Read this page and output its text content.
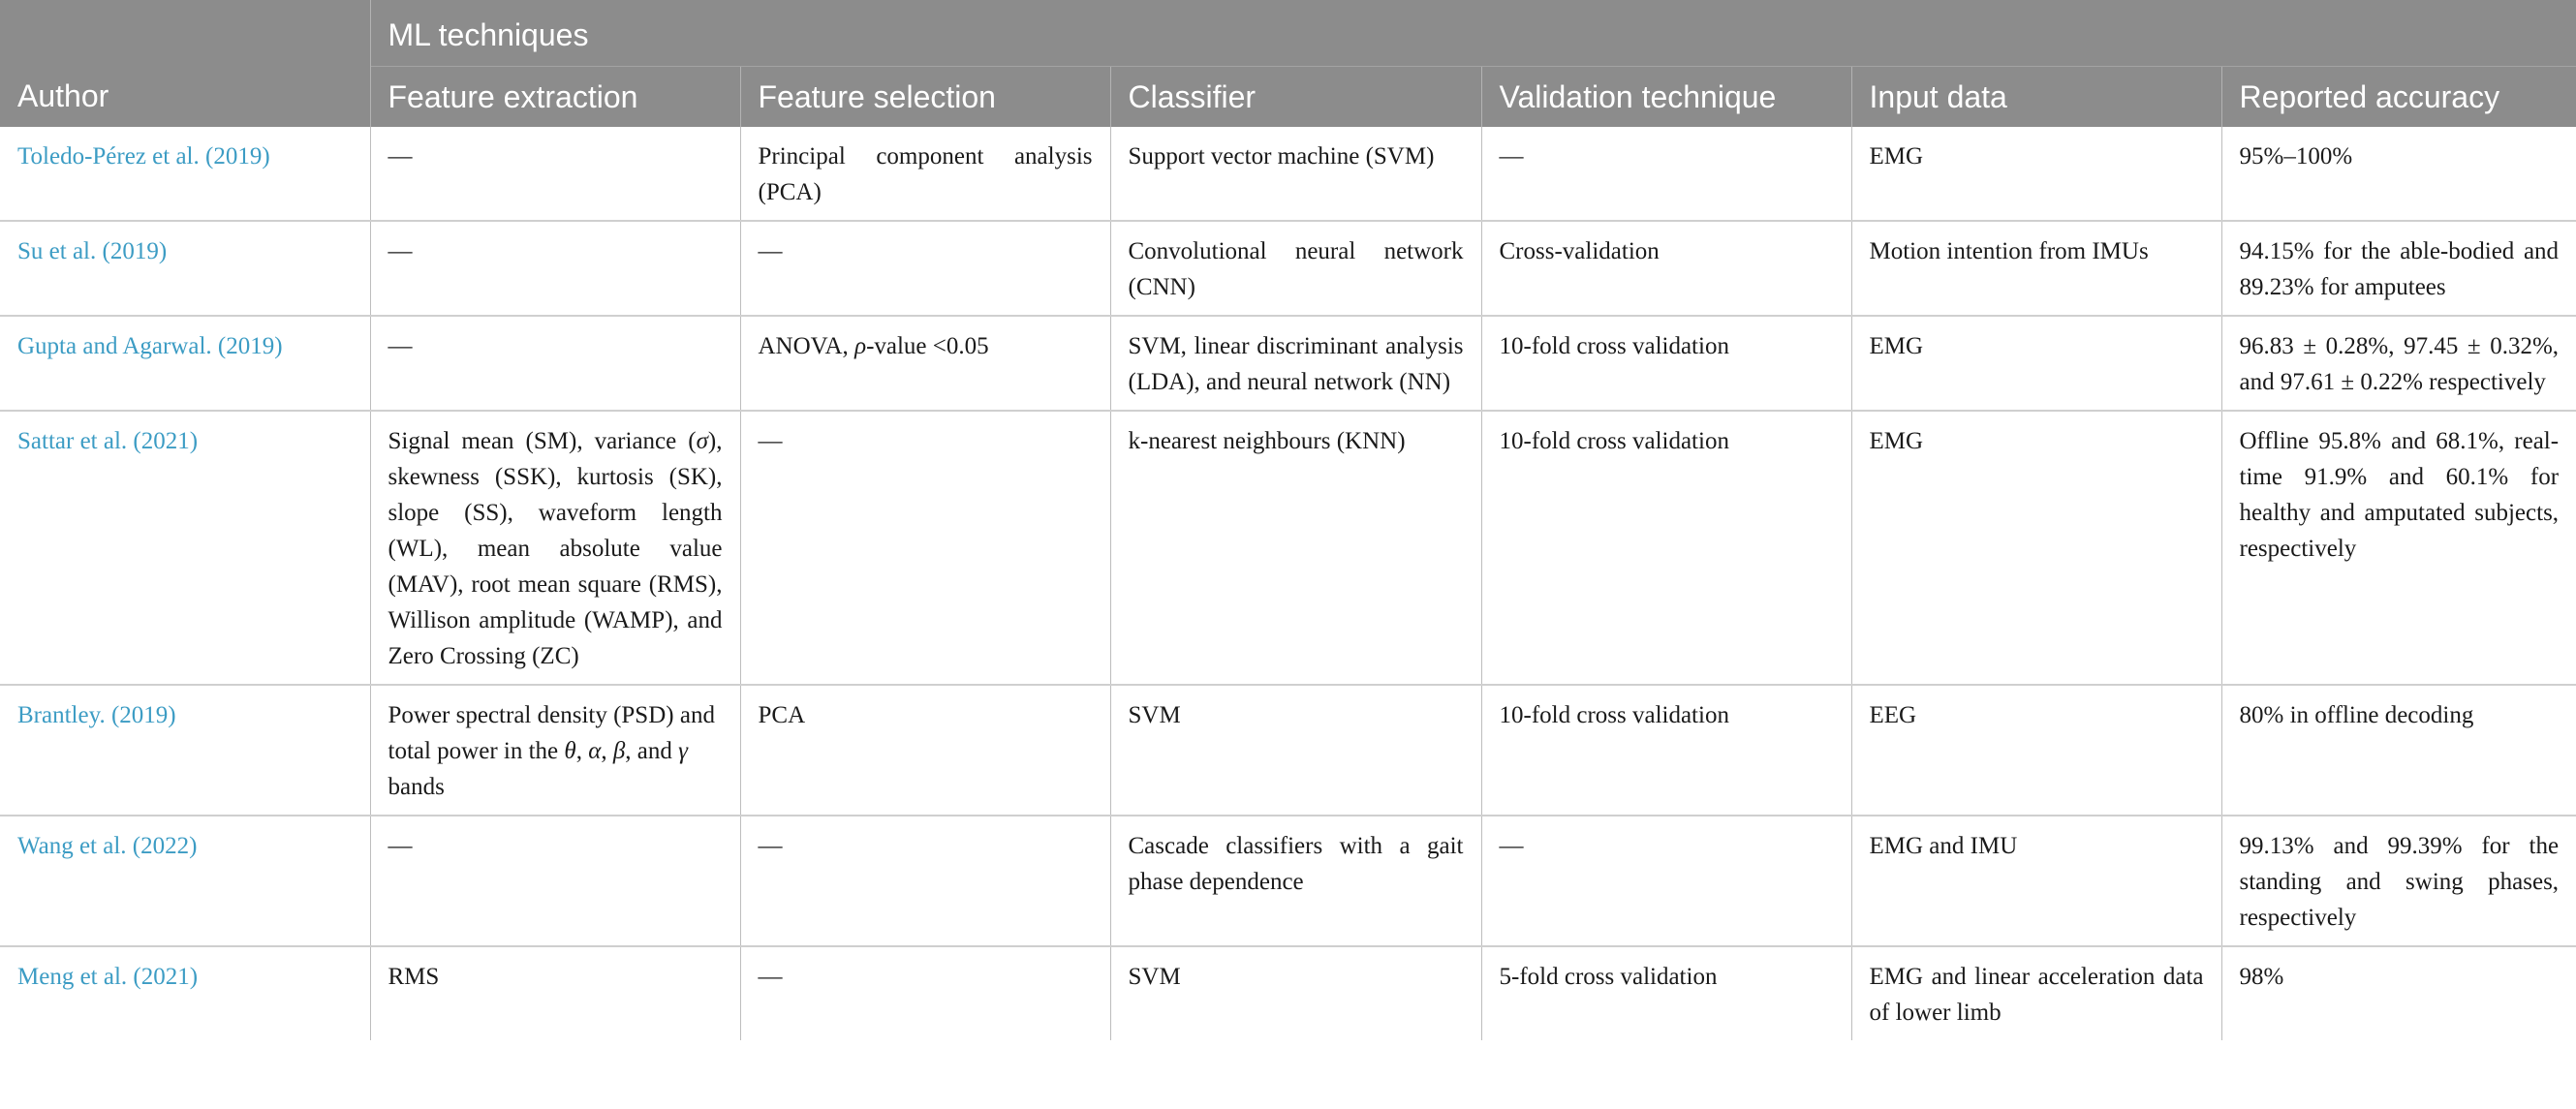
	ML techniques					
Author	Feature extraction	Feature selection	Classifier	Validation technique	Input data	Reported accuracy
Toledo-Pérez et al. (2019)	—	Principal component analysis (PCA)	Support vector machine (SVM)	—	EMG	95%–100%
Su et al. (2019)	—	—	Convolutional neural network (CNN)	Cross-validation	Motion intention from IMUs	94.15% for the able-bodied and 89.23% for amputees
Gupta and Agarwal. (2019)	—	ANOVA, ρ-value <0.05	SVM, linear discriminant analysis (LDA), and neural network (NN)	10-fold cross validation	EMG	96.83 ± 0.28%, 97.45 ± 0.32%, and 97.61 ± 0.22% respectively
Sattar et al. (2021)	Signal mean (SM), variance (σ), skewness (SSK), kurtosis (SK), slope (SS), waveform length (WL), mean absolute value (MAV), root mean square (RMS), Willison amplitude (WAMP), and Zero Crossing (ZC)	—	k-nearest neighbours (KNN)	10-fold cross validation	EMG	Offline 95.8% and 68.1%, real-time 91.9% and 60.1% for healthy and amputated subjects, respectively
Brantley. (2019)	Power spectral density (PSD) and total power in the θ, α, β, and γ bands	PCA	SVM	10-fold cross validation	EEG	80% in offline decoding
Wang et al. (2022)	—	—	Cascade classifiers with a gait phase dependence	—	EMG and IMU	99.13% and 99.39% for the standing and swing phases, respectively
Meng et al. (2021)	RMS	—	SVM	5-fold cross validation	EMG and linear acceleration data of lower limb	98%
